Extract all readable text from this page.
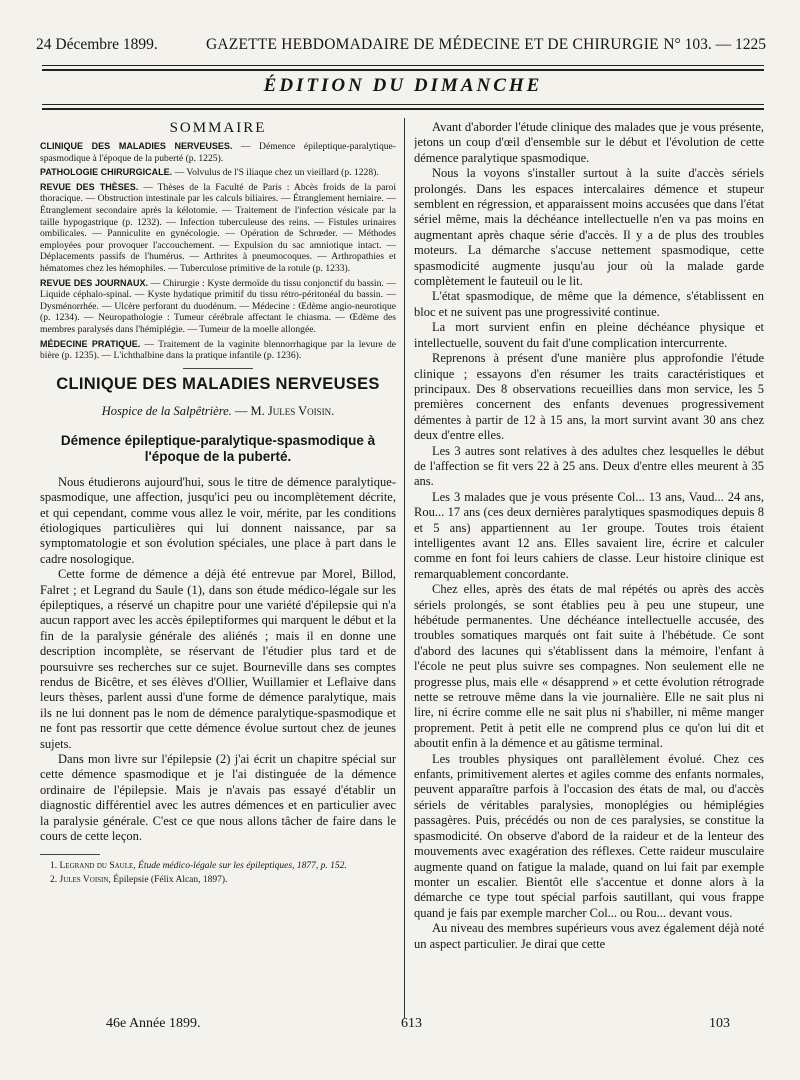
24 Décembre 1899.	GAZETTE HEBDOMADAIRE DE MÉDECINE ET DE CHIRURGIE N° 103. — 1225
ÉDITION DU DIMANCHE
SOMMAIRE

CLINIQUE DES MALADIES NERVEUSES. — Démence épileptique-paralytique-spasmodique à l'époque de la puberté (p. 1225).

PATHOLOGIE CHIRURGICALE. — Volvulus de l'S iliaque chez un vieillard (p. 1228).

REVUE DES THÈSES. — Thèses de la Faculté de Paris : Abcès froids de la paroi thoracique. — Obstruction intestinale par les calculs biliaires. — Étranglement herniaire. — Étranglement secondaire après la kélotomie. — Traitement de l'infection vésicale par la taille hypogastrique (p. 1232). — Infection tuberculeuse des reins. — Fistules urinaires ombilicales. — Panniculite en gynécologie. — Opération de Schrœder. — Méthodes employées pour provoquer l'accouchement. — Expulsion du sac amniotique intact. — Déplacements passifs de l'humérus. — Arthrites à pneumocoques. — Arthropathies et hématomes chez les hémophiles. — Tuberculose primitive de la rotule (p. 1233).

REVUE DES JOURNAUX. — Chirurgie : Kyste dermoïde du tissu conjonctif du bassin. — Liquide céphalo-spinal. — Kyste hydatique primitif du tissu rétro-péritonéal du bassin. — Dysménorrhée. — Ulcère perforant du duodénum. — Médecine : Œdème angio-neurotique (p. 1234). — Neuropathologie : Tumeur cérébrale affectant le chiasma. — Œdème des membres paralysés dans l'hémiplégie. — Tumeur de la moelle allongée.

MÉDECINE PRATIQUE. — Traitement de la vaginite blennorrhagique par la levure de bière (p. 1235). — L'ichthalbine dans la pratique infantile (p. 1236).

CLINIQUE DES MALADIES NERVEUSES
Hospice de la Salpêtrière. — M. Jules Voisin.
Démence épileptique-paralytique-spasmodique à l'époque de la puberté.

Nous étudierons aujourd'hui, sous le titre de démence paralytique-spasmodique, une affection, jusqu'ici peu ou incomplètement décrite, et qui cependant, comme vous allez le voir, mérite, par les conditions étiologiques particulières qui lui donnent naissance, par sa symptomatologie et son évolution spéciales, une place à part dans le cadre nosologique.

Cette forme de démence a déjà été entrevue par Morel, Billod, Falret ; et Legrand du Saule (1), dans son étude médico-légale sur les épileptiques, a réservé un chapitre pour une variété d'épilepsie qui n'a aucun rapport avec les accès épileptiformes qui marquent le début et la fin de la paralysie générale des aliénés ; mais il en donne une description incomplète, se réservant de l'étudier plus tard et de poursuivre ses recherches sur ce sujet. Bourneville dans ses comptes rendus de Bicêtre, et ses élèves d'Ollier, Wuillamier et Leflaive dans leurs thèses, parlent aussi d'une forme de démence paralytique, mais ils ne lui donnent pas le nom de démence paralytique-spasmodique et ne font pas ressortir que cette démence évolue surtout chez de jeunes sujets.

Dans mon livre sur l'épilepsie (2) j'ai écrit un chapitre spécial sur cette démence spasmodique et je l'ai distinguée de la démence ordinaire de l'épilepsie. Mais je n'avais pas essayé d'établir un diagnostic différentiel avec les autres démences et en particulier avec la paralysie générale. C'est ce que nous allons tâcher de faire dans le cours de cette leçon.

1. Legrand du Saule, Étude médico-légale sur les épileptiques, 1877, p. 152.

2. Jules Voisin, Épilepsie (Félix Alcan, 1897).

Avant d'aborder l'étude clinique des malades que je vous présente, jetons un coup d'œil d'ensemble sur le début et l'évolution de cette démence paralytique spasmodique.

Nous la voyons s'installer surtout à la suite d'accès sériels prolongés. Dans les espaces intercalaires démence et stupeur semblent en régression, et apparaissent moins accusées que dans l'état sériel même, mais la déchéance intellectuelle n'en va pas moins en augmentant après chaque série d'accès. Il y a de plus des troubles moteurs. La démarche s'accuse nettement spasmodique, cette spasmodicité augmente jusqu'au jour où la malade garde complètement le fauteuil ou le lit.

L'état spasmodique, de même que la démence, s'établissent en bloc et ne suivent pas une progressivité continue.

La mort survient enfin en pleine déchéance physique et intellectuelle, souvent du fait d'une complication intercurrente.

Reprenons à présent d'une manière plus approfondie l'étude clinique ; essayons d'en résumer les traits caractéristiques et principaux. Des 8 observations recueillies dans mon service, les 5 premières concernent des enfants devenues progressivement démentes à partir de 12 à 15 ans, la mort survint avant 30 ans chez deux d'entre elles.

Les 3 autres sont relatives à des adultes chez lesquelles le début de l'affection se fit vers 22 à 25 ans. Deux d'entre elles meurent à 35 ans.

Les 3 malades que je vous présente Col... 13 ans, Vaud... 24 ans, Rou... 17 ans (ces deux dernières paralytiques spasmodiques depuis 8 et 5 ans) appartiennent au 1er groupe. Toutes trois étaient intelligentes avant 12 ans. Elles savaient lire, écrire et calculer comme en font foi leurs cahiers de classe. Leur histoire clinique est remarquablement concordante.

Chez elles, après des états de mal répétés ou après des accès sériels prolongés, se sont établies peu à peu une stupeur, une hébétude permanentes. Une déchéance intellectuelle accusée, des troubles somatiques marqués ont fait suite à l'hébétude. Ce sont d'abord des lacunes qui s'établissent dans la mémoire, l'enfant à l'école ne peut plus suivre ses compagnes. Non seulement elle ne progresse plus, mais elle « désapprend » et cette évolution rétrograde nette se retrouve même dans la vie journalière. Elle ne sait plus ni lire, ni écrire comme elle ne sait plus ni s'habiller, ni même manger proprement. Petit à petit elle ne comprend plus ce qu'on lui dit et aboutit enfin à la démence et au gâtisme terminal.

Les troubles physiques ont parallèlement évolué. Chez ces enfants, primitivement alertes et agiles comme des enfants normales, peuvent apparaître parfois à l'occasion des états de mal, ou d'accès sériels de véritables paralysies, monoplégies ou hémiplégies passagères. Puis, précédés ou non de ces paralysies, se constitue la spasmodicité. On observe d'abord de la raideur et de la lenteur des mouvements avec exagération des réflexes. Cette raideur musculaire augmente quand on fatigue la malade, quand on lui fait par exemple monter un escalier. Bientôt elle s'accentue et donne alors à la démarche ce type tout spécial parfois sautillant, qui vous frappe quand je fais par exemple marcher Col... ou Rou... devant vous.

Au niveau des membres supérieurs vous avez également déjà noté un aspect particulier. Je dirai que cette

46e Année 1899.	613	103
